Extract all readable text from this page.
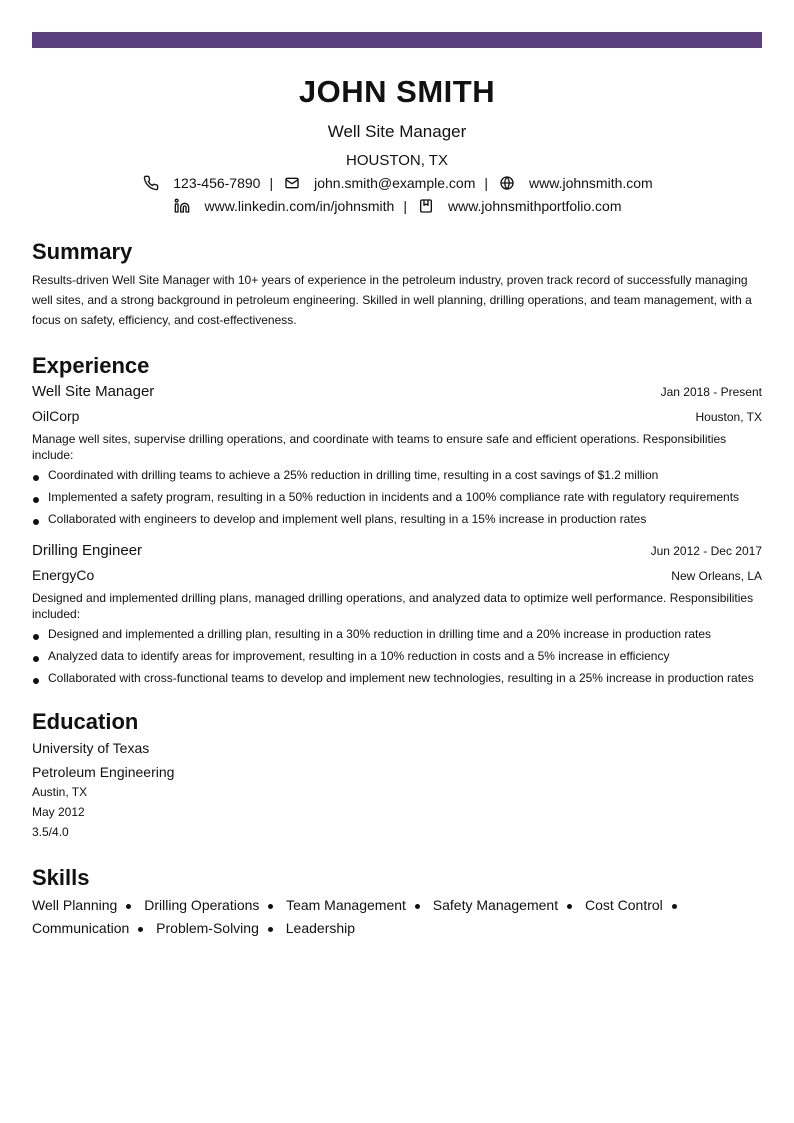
JOHN SMITH
Well Site Manager
HOUSTON, TX
123-456-7890 |	john.smith@example.com |	www.johnsmith.com
www.linkedin.com/in/johnsmith |	www.johnsmithportfolio.com
Summary
Results-driven Well Site Manager with 10+ years of experience in the petroleum industry, proven track record of successfully managing well sites, and a strong background in petroleum engineering. Skilled in well planning, drilling operations, and team management, with a focus on safety, efficiency, and cost-effectiveness.
Experience
Well Site Manager	Jan 2018 - Present
OilCorp	Houston, TX
Manage well sites, supervise drilling operations, and coordinate with teams to ensure safe and efficient operations. Responsibilities include:
Coordinated with drilling teams to achieve a 25% reduction in drilling time, resulting in a cost savings of $1.2 million
Implemented a safety program, resulting in a 50% reduction in incidents and a 100% compliance rate with regulatory requirements
Collaborated with engineers to develop and implement well plans, resulting in a 15% increase in production rates
Drilling Engineer	Jun 2012 - Dec 2017
EnergyCo	New Orleans, LA
Designed and implemented drilling plans, managed drilling operations, and analyzed data to optimize well performance. Responsibilities included:
Designed and implemented a drilling plan, resulting in a 30% reduction in drilling time and a 20% increase in production rates
Analyzed data to identify areas for improvement, resulting in a 10% reduction in costs and a 5% increase in efficiency
Collaborated with cross-functional teams to develop and implement new technologies, resulting in a 25% increase in production rates
Education
University of Texas
Petroleum Engineering
Austin, TX
May 2012
3.5/4.0
Skills
Well Planning Drilling Operations Team Management Safety Management Cost Control
Communication Problem-Solving Leadership
